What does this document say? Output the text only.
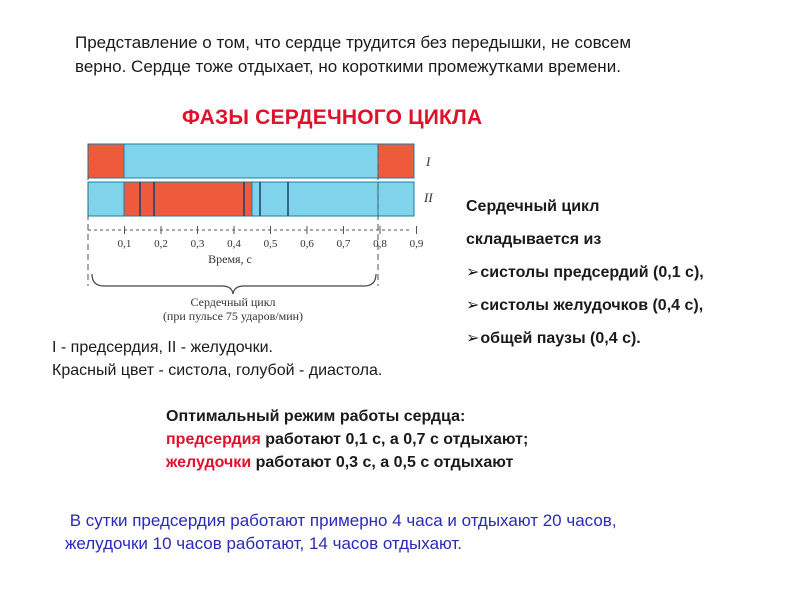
Представление о том, что сердце трудится без передышки, не совсем
верно. Сердце тоже отдыхает, но короткими промежутками времени.
ФАЗЫ СЕРДЕЧНОГО ЦИКЛА
I
II
0,1 0,2 0,3 0,4 0,5 0,6 0,7 0,8 0,9
Время, с
Сердечный цикл
(при пульсе 75 ударов/мин)
Сердечный цикл
складывается из
➢ систолы предсердий (0,1 с),
➢ систолы желудочков (0,4 с),
➢ общей паузы (0,4 с).
I - предсердия, II - желудочки.
Красный цвет - систола, голубой - диастола.
Оптимальный режим работы сердца:
предсердия работают 0,1 с, а 0,7 с отдыхают;
желудочки работают 0,3 с, а 0,5 с отдыхают
В сутки предсердия работают примерно 4 часа и отдыхают 20 часов,
желудочки 10 часов работают, 14 часов отдыхают.
